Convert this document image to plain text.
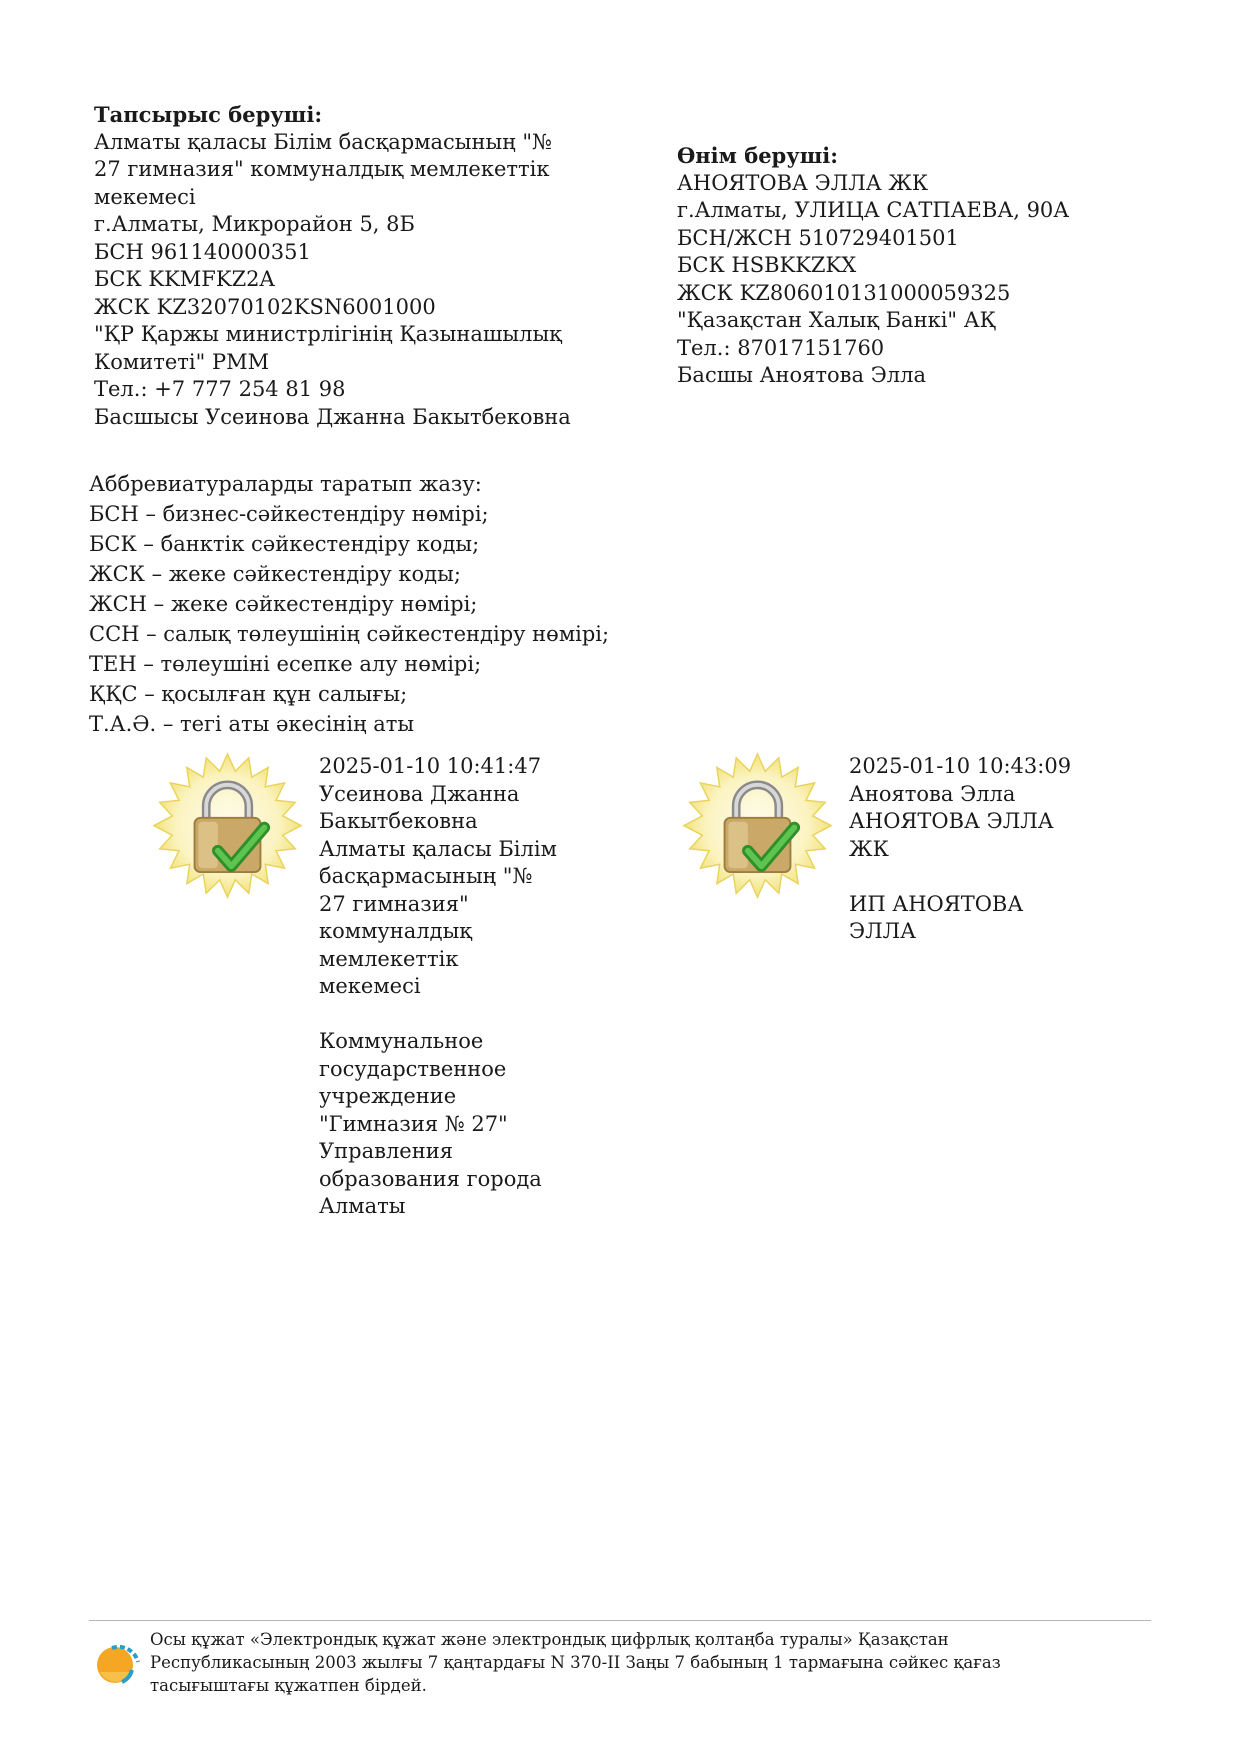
Тапсырыс беруші:
Алматы қаласы Білім басқармасының "№
27 гимназия" коммуналдық мемлекеттік
мекемесі
г.Алматы, Микрорайон 5, 8Б
БСН 961140000351
БСК KKMFKZ2A
ЖСК KZ32070102KSN6001000
"ҚР Қаржы министрлігінің Қазынашылық
Комитеті" РММ
Тел.: +7 777 254 81 98
Басшысы Усеинова Джанна Бакытбековна
Өнім беруші:
АНОЯТОВА ЭЛЛА ЖК
г.Алматы, УЛИЦА САТПАЕВА, 90А
БСН/ЖСН 510729401501
БСК HSBKKZKX
ЖСК KZ806010131000059325
"Қазақстан Халық Банкі" АҚ
Тел.: 87017151760
Басшы Аноятова Элла
Аббревиатураларды таратып жазу:
БСН – бизнес-сәйкестендіру нөмірі;
БСК – банктік сәйкестендіру коды;
ЖСК – жеке сәйкестендіру коды;
ЖСН – жеке сәйкестендіру нөмірі;
ССН – салық төлеушінің сәйкестендіру нөмірі;
ТЕН – төлеушіні есепке алу нөмірі;
ҚҚС – қосылған құн салығы;
Т.А.Ә. – тегі аты әкесінің аты
2025-01-10 10:41:47
Усеинова Джанна
Бакытбековна
Алматы қаласы Білім
басқармасының "№
27 гимназия"
коммуналдық
мемлекеттік
мекемесі

Коммунальное
государственное
учреждение
"Гимназия № 27"
Управления
образования города
Алматы
2025-01-10 10:43:09
Аноятова Элла
АНОЯТОВА ЭЛЛА
ЖК

ИП АНОЯТОВА
ЭЛЛА
Осы құжат «Электрондық құжат және электрондық цифрлық қолтаңба туралы» Қазақстан
Республикасының 2003 жылғы 7 қаңтардағы N 370-II Заңы 7 бабының 1 тармағына сәйкес қағаз
тасығыштағы құжатпен бірдей.
